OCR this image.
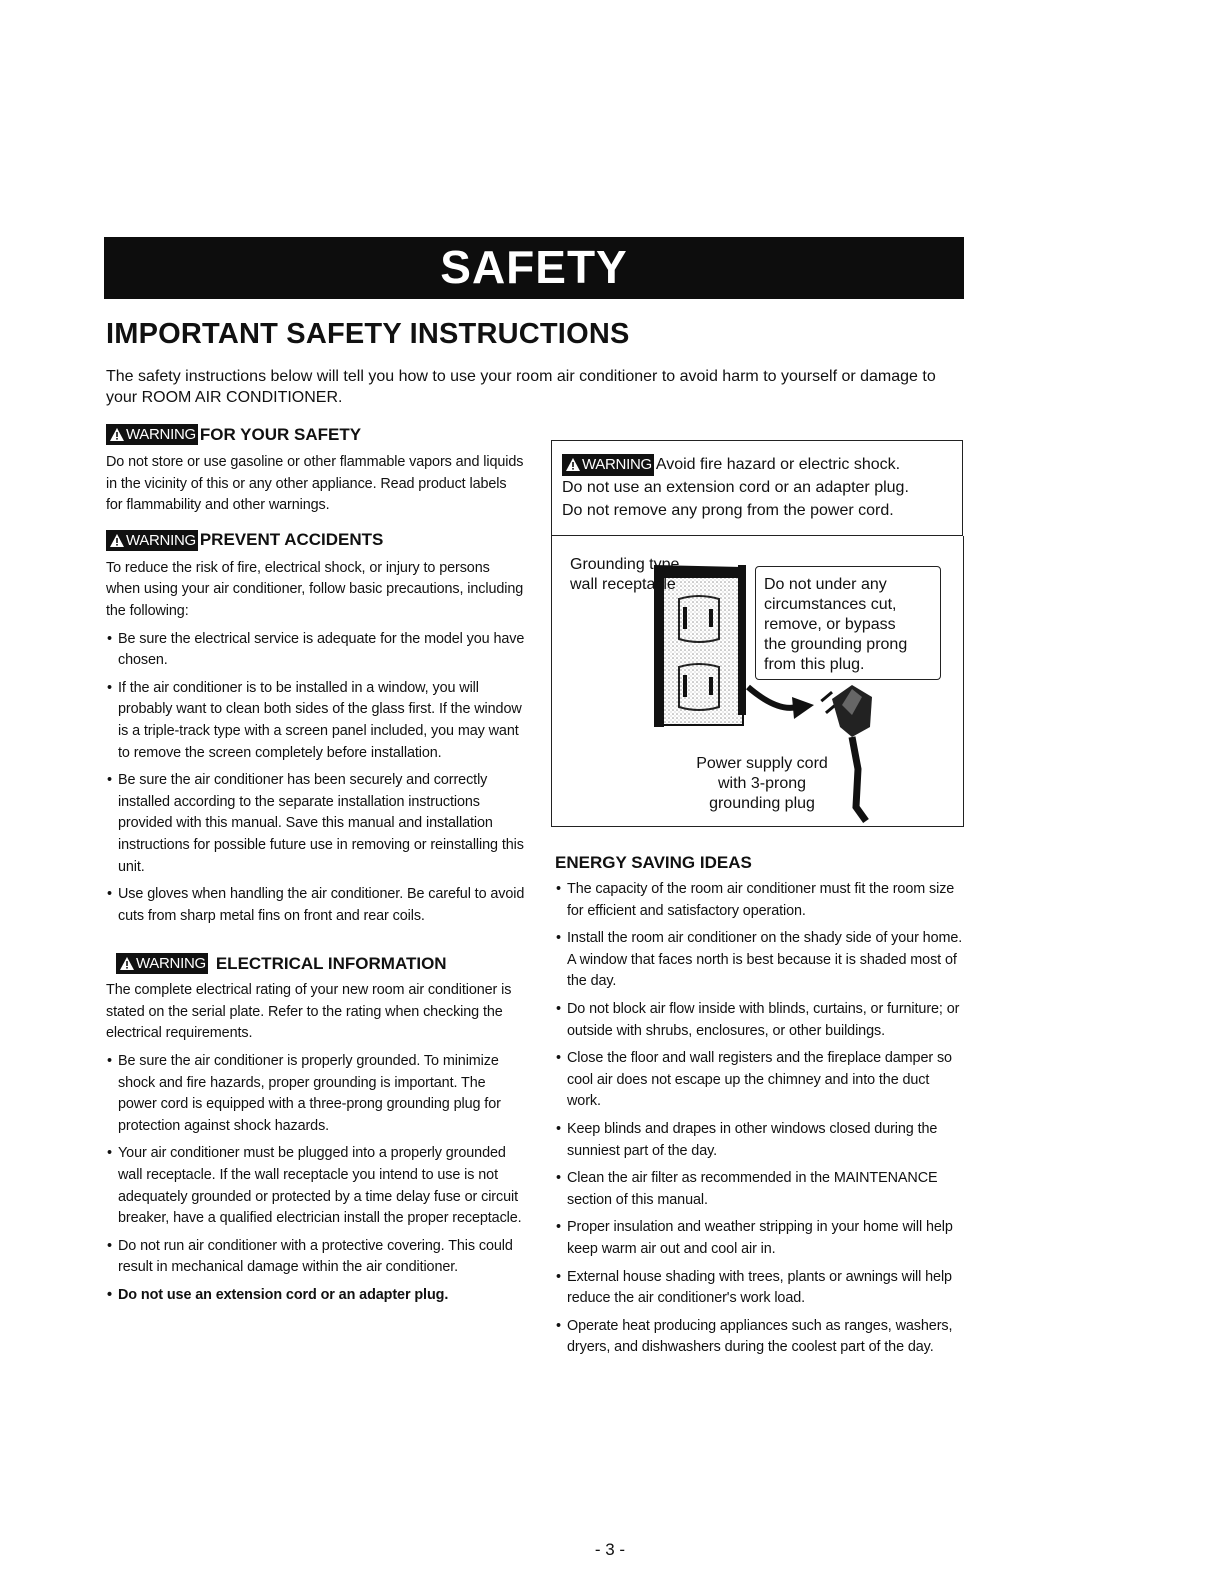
SAFETY
IMPORTANT SAFETY INSTRUCTIONS
The safety instructions below will tell you how to use your room air conditioner to avoid harm to yourself or damage to your ROOM AIR CONDITIONER.
WARNING FOR YOUR SAFETY

Do not store or use gasoline or other flammable vapors and liquids in the vicinity of this or any other appliance. Read product labels for flammability and other warnings.

WARNING PREVENT ACCIDENTS

To reduce the risk of fire, electrical shock, or injury to persons when using your air conditioner, follow basic precautions, including the following:

• Be sure the electrical service is adequate for the model you have chosen.
• If the air conditioner is to be installed in a window, you will probably want to clean both sides of the glass first. If the window is a triple-track type with a screen panel included, you may want to remove the screen completely before installation.
• Be sure the air conditioner has been securely and correctly installed according to the separate installation instructions provided with this manual. Save this manual and installation instructions for possible future use in removing or reinstalling this unit.
• Use gloves when handling the air conditioner. Be careful to avoid cuts from sharp metal fins on front and rear coils.
WARNING ELECTRICAL INFORMATION

The complete electrical rating of your new room air conditioner is stated on the serial plate. Refer to the rating when checking the electrical requirements.

• Be sure the air conditioner is properly grounded. To minimize shock and fire hazards, proper grounding is important. The power cord is equipped with a three-prong grounding plug for protection against shock hazards.
• Your air conditioner must be plugged into a properly grounded wall receptacle. If the wall receptacle you intend to use is not adequately grounded or protected by a time delay fuse or circuit breaker, have a qualified electrician install the proper receptacle.
• Do not run air conditioner with a protective covering. This could result in mechanical damage within the air conditioner.
• Do not use an extension cord or an adapter plug.
WARNING Avoid fire hazard or electric shock.
Do not use an extension cord or an adapter plug.
Do not remove any prong from the power cord.
Grounding type
wall receptacle	Do not under any
circumstances cut,
remove, or bypass
the grounding prong
from this plug.
Power supply cord
with 3-prong
grounding plug
ENERGY SAVING IDEAS
• The capacity of the room air conditioner must fit the room size for efficient and satisfactory operation.
• Install the room air conditioner on the shady side of your home. A window that faces north is best because it is shaded most of the day.
• Do not block air flow inside with blinds, curtains, or furniture; or outside with shrubs, enclosures, or other buildings.
• Close the floor and wall registers and the fireplace damper so cool air does not escape up the chimney and into the duct work.
• Keep blinds and drapes in other windows closed during the sunniest part of the day.
• Clean the air filter as recommended in the MAINTENANCE section of this manual.
• Proper insulation and weather stripping in your home will help keep warm air out and cool air in.
• External house shading with trees, plants or awnings will help reduce the air conditioner's work load.
• Operate heat producing appliances such as ranges, washers, dryers, and dishwashers during the coolest part of the day.
- 3 -
